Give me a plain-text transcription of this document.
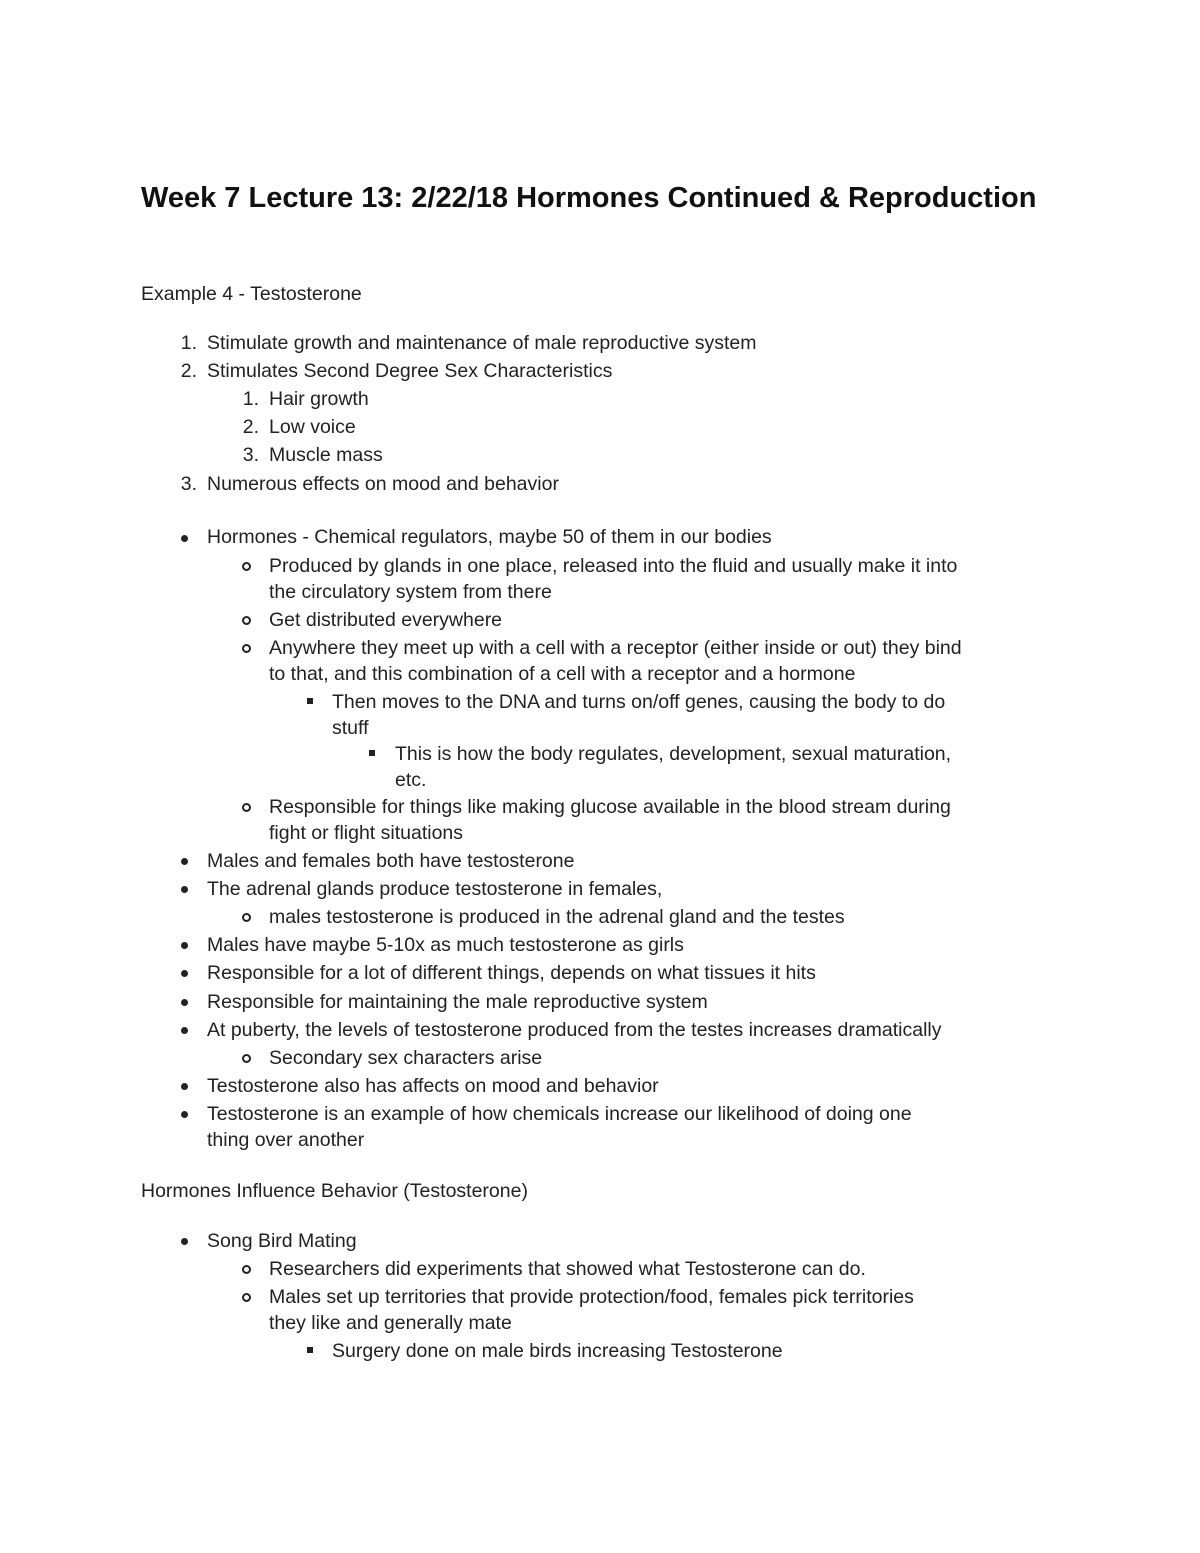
Week 7 Lecture 13: 2/22/18 Hormones Continued & Reproduction

Example 4 - Testosterone

1. Stimulate growth and maintenance of male reproductive system
2. Stimulates Second Degree Sex Characteristics
1. Hair growth
2. Low voice
3. Muscle mass
3. Numerous effects on mood and behavior
Hormones - Chemical regulators, maybe 50 of them in our bodies
Produced by glands in one place, released into the fluid and usually make it into
the circulatory system from there
Get distributed everywhere
Anywhere they meet up with a cell with a receptor (either inside or out) they bind
to that, and this combination of a cell with a receptor and a hormone
Then moves to the DNA and turns on/off genes, causing the body to do
stuff
This is how the body regulates, development, sexual maturation,
etc.
Responsible for things like making glucose available in the blood stream during
fight or flight situations
Males and females both have testosterone
The adrenal glands produce testosterone in females,
males testosterone is produced in the adrenal gland and the testes
Males have maybe 5-10x as much testosterone as girls
Responsible for a lot of different things, depends on what tissues it hits
Responsible for maintaining the male reproductive system
At puberty, the levels of testosterone produced from the testes increases dramatically
Secondary sex characters arise
Testosterone also has affects on mood and behavior
Testosterone is an example of how chemicals increase our likelihood of doing one
thing over another

Hormones Influence Behavior (Testosterone)

Song Bird Mating
Researchers did experiments that showed what Testosterone can do.
Males set up territories that provide protection/food, females pick territories
they like and generally mate
Surgery done on male birds increasing Testosterone
